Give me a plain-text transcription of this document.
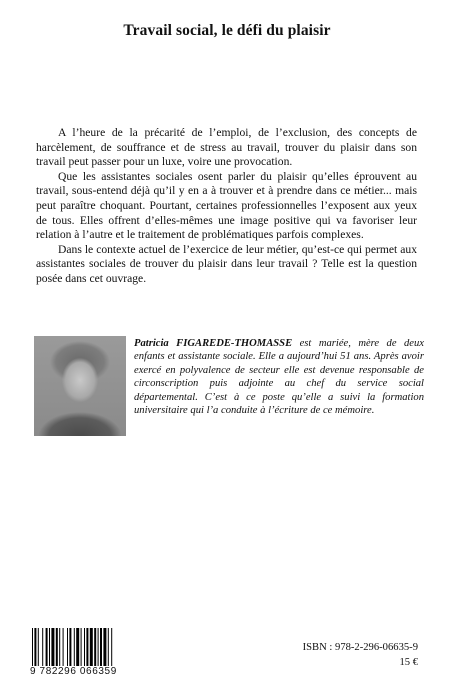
Travail social, le défi du plaisir

A l’heure de la précarité de l’emploi, de l’exclusion, des concepts de harcèlement, de souffrance et de stress au travail, trouver du plaisir dans son travail peut passer pour un luxe, voire une provocation.

Que les assistantes sociales osent parler du plaisir qu’elles éprouvent au travail, sous-entend déjà qu’il y en a à trouver et à prendre dans ce métier... mais peut paraître choquant. Pourtant, certaines professionnelles l’exposent aux yeux de tous. Elles offrent d’elles-mêmes une image positive qui va favoriser leur relation à l’autre et le traitement de problématiques parfois complexes.

Dans le contexte actuel de l’exercice de leur métier, qu’est-ce qui permet aux assistantes sociales de trouver du plaisir dans leur travail ? Telle est la question posée dans cet ouvrage.

Patricia FIGAREDE-THOMASSE est mariée, mère de deux enfants et assistante sociale. Elle a aujourd’hui 51 ans. Après avoir exercé en polyvalence de secteur elle est devenue responsable de circonscription puis adjointe au chef du service social départemental. C’est à ce poste qu’elle a suivi la formation universitaire qui l’a conduite à l’écriture de ce mémoire.
9 782296 066359
ISBN : 978-2-296-06635-9
15 €
